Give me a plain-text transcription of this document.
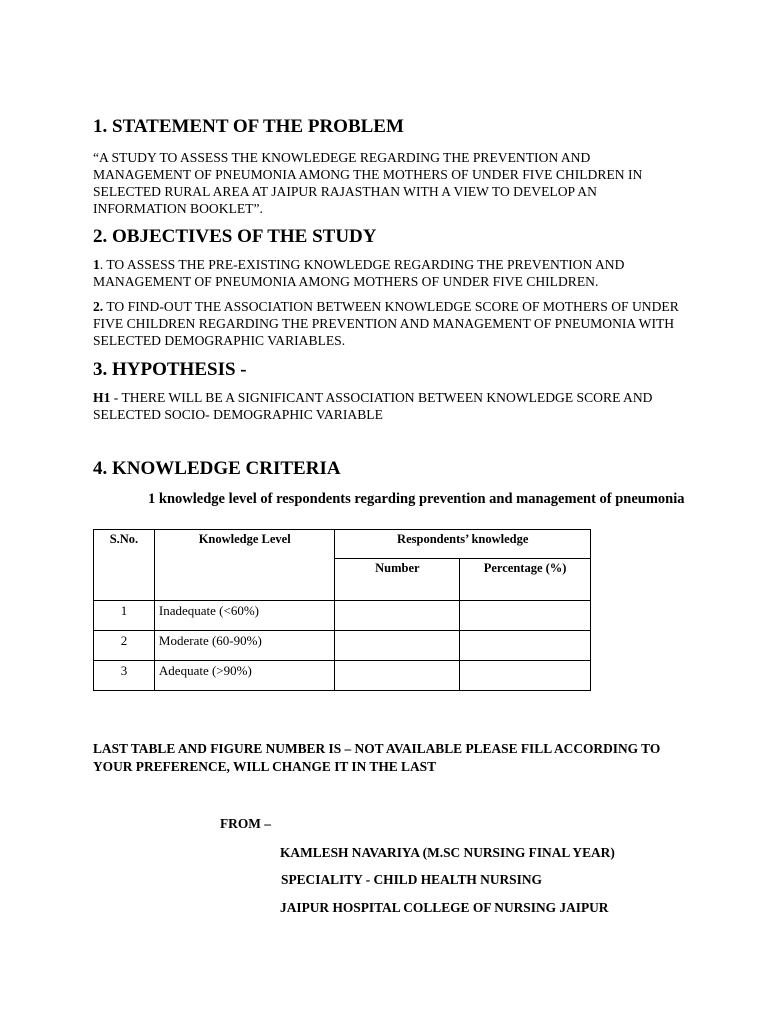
1. STATEMENT OF THE PROBLEM
“A STUDY TO ASSESS THE KNOWLEDEGE REGARDING THE PREVENTION AND MANAGEMENT OF PNEUMONIA AMONG THE MOTHERS OF UNDER FIVE CHILDREN IN SELECTED RURAL AREA AT JAIPUR RAJASTHAN WITH A VIEW TO DEVELOP AN INFORMATION BOOKLET”.
2. OBJECTIVES OF THE STUDY
1. TO ASSESS THE PRE-EXISTING KNOWLEDGE REGARDING THE PREVENTION AND MANAGEMENT OF PNEUMONIA AMONG MOTHERS OF UNDER FIVE CHILDREN.
2. TO FIND-OUT THE ASSOCIATION BETWEEN KNOWLEDGE SCORE OF MOTHERS OF UNDER FIVE CHILDREN REGARDING THE PREVENTION AND MANAGEMENT OF PNEUMONIA WITH SELECTED DEMOGRAPHIC VARIABLES.
3. HYPOTHESIS -
H1 - THERE WILL BE A SIGNIFICANT ASSOCIATION BETWEEN KNOWLEDGE SCORE AND SELECTED SOCIO- DEMOGRAPHIC VARIABLE
4. KNOWLEDGE CRITERIA
1 knowledge level of respondents regarding prevention and management of pneumonia
S.No.	Knowledge Level	Respondents’ knowledge	
		Number	Percentage (%)
1	Inadequate (<60%)		
2	Moderate (60-90%)		
3	Adequate (>90%)		
LAST TABLE AND FIGURE NUMBER IS – NOT AVAILABLE PLEASE FILL ACCORDING TO YOUR PREFERENCE, WILL CHANGE IT IN THE LAST
FROM –
KAMLESH NAVARIYA (M.SC NURSING FINAL YEAR)
SPECIALITY - CHILD HEALTH NURSING
JAIPUR HOSPITAL COLLEGE OF NURSING JAIPUR
